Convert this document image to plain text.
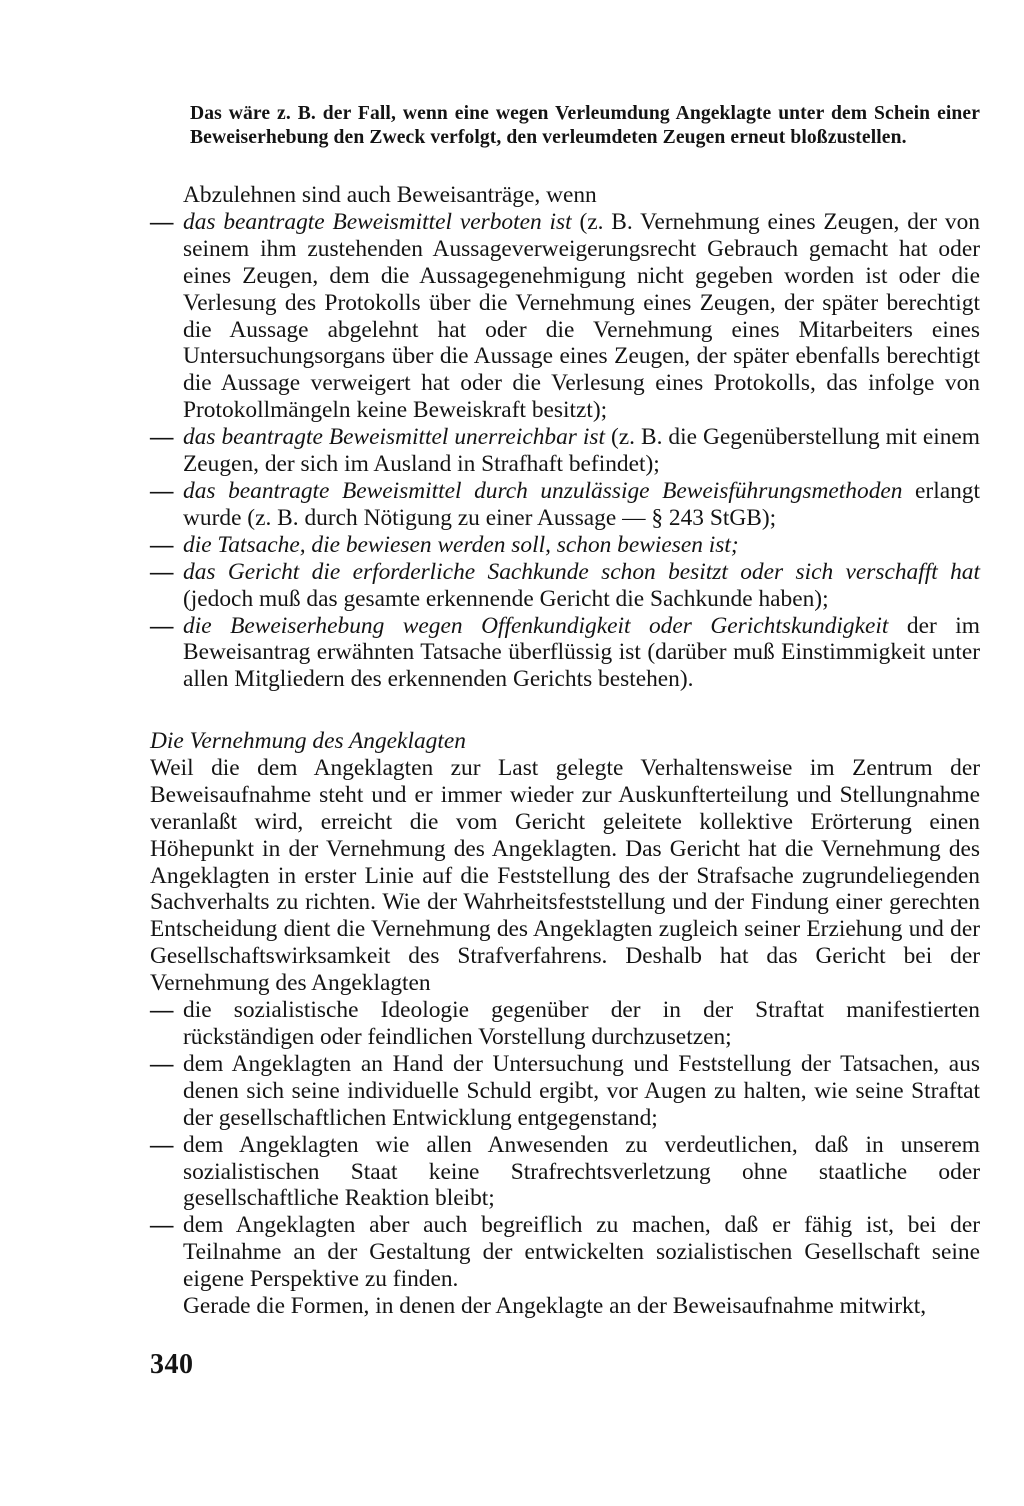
Das wäre z. B. der Fall, wenn eine wegen Verleumdung Angeklagte unter dem Schein einer Beweiserhebung den Zweck verfolgt, den verleumdeten Zeugen erneut bloßzustellen.

Abzulehnen sind auch Beweisanträge, wenn

— das beantragte Beweismittel verboten ist (z. B. Vernehmung eines Zeugen, der von seinem ihm zustehenden Aussageverweigerungsrecht Gebrauch gemacht hat oder eines Zeugen, dem die Aussagegenehmigung nicht gegeben worden ist oder die Verlesung des Protokolls über die Vernehmung eines Zeugen, der später berechtigt die Aussage abgelehnt hat oder die Vernehmung eines Mitarbeiters eines Untersuchungsorgans über die Aussage eines Zeugen, der später ebenfalls berechtigt die Aussage verweigert hat oder die Verlesung eines Protokolls, das infolge von Protokollmängeln keine Beweiskraft besitzt);
— das beantragte Beweismittel unerreichbar ist (z. B. die Gegenüberstellung mit einem Zeugen, der sich im Ausland in Strafhaft befindet);
— das beantragte Beweismittel durch unzulässige Beweisführungsmethoden erlangt wurde (z. B. durch Nötigung zu einer Aussage — § 243 StGB);
— die Tatsache, die bewiesen werden soll, schon bewiesen ist;
— das Gericht die erforderliche Sachkunde schon besitzt oder sich verschafft hat (jedoch muß das gesamte erkennende Gericht die Sachkunde haben);
— die Beweiserhebung wegen Offenkundigkeit oder Gerichtskundigkeit der im Beweisantrag erwähnten Tatsache überflüssig ist (darüber muß Einstimmigkeit unter allen Mitgliedern des erkennenden Gerichts bestehen).

Die Vernehmung des Angeklagten

Weil die dem Angeklagten zur Last gelegte Verhaltensweise im Zentrum der Beweisaufnahme steht und er immer wieder zur Auskunfterteilung und Stellungnahme veranlaßt wird, erreicht die vom Gericht geleitete kollektive Erörterung einen Höhepunkt in der Vernehmung des Angeklagten. Das Gericht hat die Vernehmung des Angeklagten in erster Linie auf die Feststellung des der Strafsache zugrundeliegenden Sachverhalts zu richten. Wie der Wahrheitsfeststellung und der Findung einer gerechten Entscheidung dient die Vernehmung des Angeklagten zugleich seiner Erziehung und der Gesellschaftswirksamkeit des Strafverfahrens. Deshalb hat das Gericht bei der Vernehmung des Angeklagten

— die sozialistische Ideologie gegenüber der in der Straftat manifestierten rückständigen oder feindlichen Vorstellung durchzusetzen;
— dem Angeklagten an Hand der Untersuchung und Feststellung der Tatsachen, aus denen sich seine individuelle Schuld ergibt, vor Augen zu halten, wie seine Straftat der gesellschaftlichen Entwicklung entgegenstand;
— dem Angeklagten wie allen Anwesenden zu verdeutlichen, daß in unserem sozialistischen Staat keine Strafrechtsverletzung ohne staatliche oder gesellschaftliche Reaktion bleibt;
— dem Angeklagten aber auch begreiflich zu machen, daß er fähig ist, bei der Teilnahme an der Gestaltung der entwickelten sozialistischen Gesellschaft seine eigene Perspektive zu finden.

Gerade die Formen, in denen der Angeklagte an der Beweisaufnahme mitwirkt,

340
